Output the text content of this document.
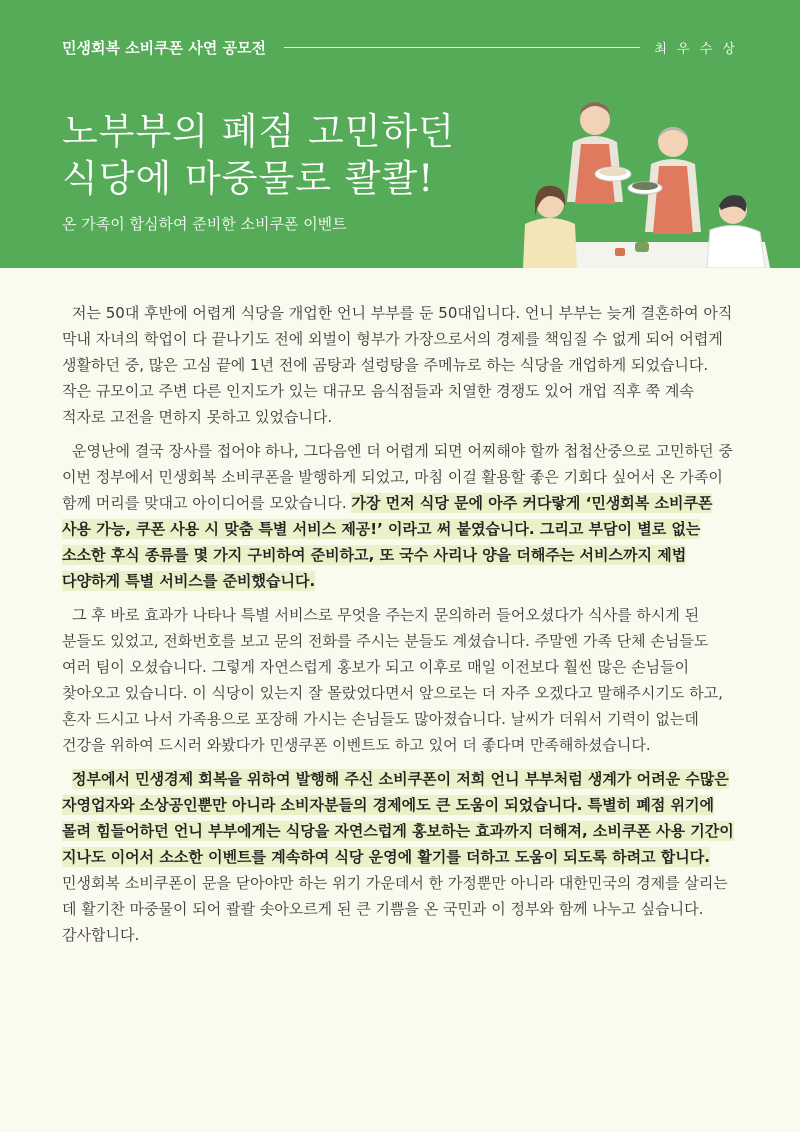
민생회복 소비쿠폰 사연 공모전	최 우 수 상
노부부의 폐점 고민하던
식당에 마중물로 콸콸!
온 가족이 합심하여 준비한 소비쿠폰 이벤트

저는 50대 후반에 어렵게 식당을 개업한 언니 부부를 둔 50대입니다. 언니 부부는 늦게 결혼하여 아직 막내 자녀의 학업이 다 끝나기도 전에 외벌이 형부가 가장으로서의 경제를 책임질 수 없게 되어 어렵게 생활하던 중, 많은 고심 끝에 1년 전에 곰탕과 설렁탕을 주메뉴로 하는 식당을 개업하게 되었습니다. 작은 규모이고 주변 다른 인지도가 있는 대규모 음식점들과 치열한 경쟁도 있어 개업 직후 쭉 계속 적자로 고전을 면하지 못하고 있었습니다.

운영난에 결국 장사를 접어야 하나, 그다음엔 더 어렵게 되면 어찌해야 할까 첩첩산중으로 고민하던 중 이번 정부에서 민생회복 소비쿠폰을 발행하게 되었고, 마침 이걸 활용할 좋은 기회다 싶어서 온 가족이 함께 머리를 맞대고 아이디어를 모았습니다. 가장 먼저 식당 문에 아주 커다랗게 ‘민생회복 소비쿠폰 사용 가능, 쿠폰 사용 시 맞춤 특별 서비스 제공!’ 이라고 써 붙였습니다. 그리고 부담이 별로 없는 소소한 후식 종류를 몇 가지 구비하여 준비하고, 또 국수 사리나 양을 더해주는 서비스까지 제법 다양하게 특별 서비스를 준비했습니다.

그 후 바로 효과가 나타나 특별 서비스로 무엇을 주는지 문의하러 들어오셨다가 식사를 하시게 된 분들도 있었고, 전화번호를 보고 문의 전화를 주시는 분들도 계셨습니다. 주말엔 가족 단체 손님들도 여러 팀이 오셨습니다. 그렇게 자연스럽게 홍보가 되고 이후로 매일 이전보다 훨씬 많은 손님들이 찾아오고 있습니다. 이 식당이 있는지 잘 몰랐었다면서 앞으로는 더 자주 오겠다고 말해주시기도 하고, 혼자 드시고 나서 가족용으로 포장해 가시는 손님들도 많아졌습니다. 날씨가 더워서 기력이 없는데 건강을 위하여 드시러 와봤다가 민생쿠폰 이벤트도 하고 있어 더 좋다며 만족해하셨습니다.

정부에서 민생경제 회복을 위하여 발행해 주신 소비쿠폰이 저희 언니 부부처럼 생계가 어려운 수많은 자영업자와 소상공인뿐만 아니라 소비자분들의 경제에도 큰 도움이 되었습니다. 특별히 폐점 위기에 몰려 힘들어하던 언니 부부에게는 식당을 자연스럽게 홍보하는 효과까지 더해져, 소비쿠폰 사용 기간이 지나도 이어서 소소한 이벤트를 계속하여 식당 운영에 활기를 더하고 도움이 되도록 하려고 합니다. 민생회복 소비쿠폰이 문을 닫아야만 하는 위기 가운데서 한 가정뿐만 아니라 대한민국의 경제를 살리는 데 활기찬 마중물이 되어 콸콸 솟아오르게 된 큰 기쁨을 온 국민과 이 정부와 함께 나누고 싶습니다. 감사합니다.
